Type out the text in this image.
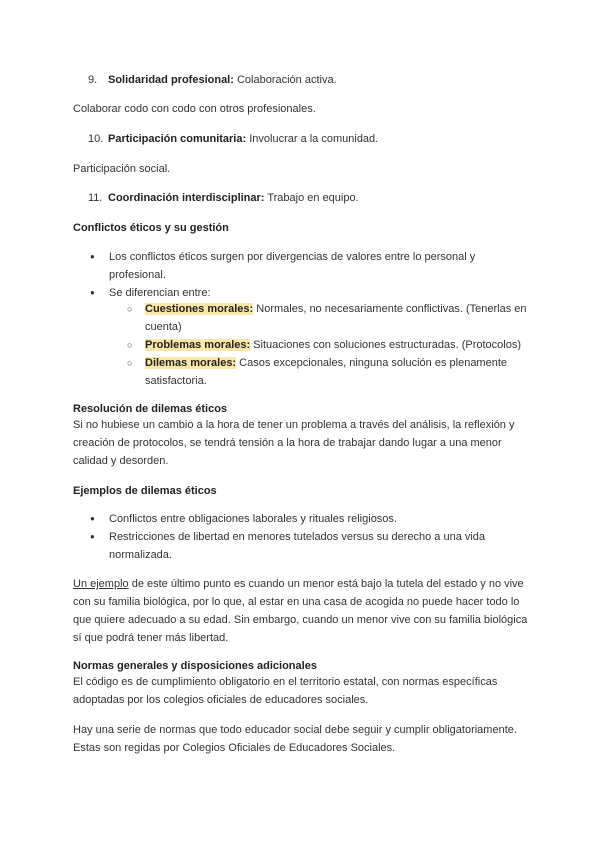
9. Solidaridad profesional: Colaboración activa.

Colaborar codo con codo con otros profesionales.

10. Participación comunitaria: Involucrar a la comunidad.

Participación social.

11. Coordinación interdisciplinar: Trabajo en equipo.

Conflictos éticos y su gestión

● Los conflictos éticos surgen por divergencias de valores entre lo personal y profesional.
● Se diferencian entre:
○ Cuestiones morales: Normales, no necesariamente conflictivas. (Tenerlas en cuenta)
○ Problemas morales: Situaciones con soluciones estructuradas. (Protocolos)
○ Dilemas morales: Casos excepcionales, ninguna solución es plenamente satisfactoria.

Resolución de dilemas éticos

Si no hubiese un cambio a la hora de tener un problema a través del análisis, la reflexión y creación de protocolos, se tendrá tensión a la hora de trabajar dando lugar a una menor calidad y desorden.

Ejemplos de dilemas éticos

● Conflictos entre obligaciones laborales y rituales religiosos.
● Restricciones de libertad en menores tutelados versus su derecho a una vida normalizada.

Un ejemplo de este último punto es cuando un menor está bajo la tutela del estado y no vive con su familia biológica, por lo que, al estar en una casa de acogida no puede hacer todo lo que quiere adecuado a su edad. Sin embargo, cuando un menor vive con su familia biológica sí que podrá tener más libertad.

Normas generales y disposiciones adicionales

El código es de cumplimiento obligatorio en el territorio estatal, con normas específicas adoptadas por los colegios oficiales de educadores sociales.

Hay una serie de normas que todo educador social debe seguir y cumplir obligatoriamente. Estas son regidas por Colegios Oficiales de Educadores Sociales.
